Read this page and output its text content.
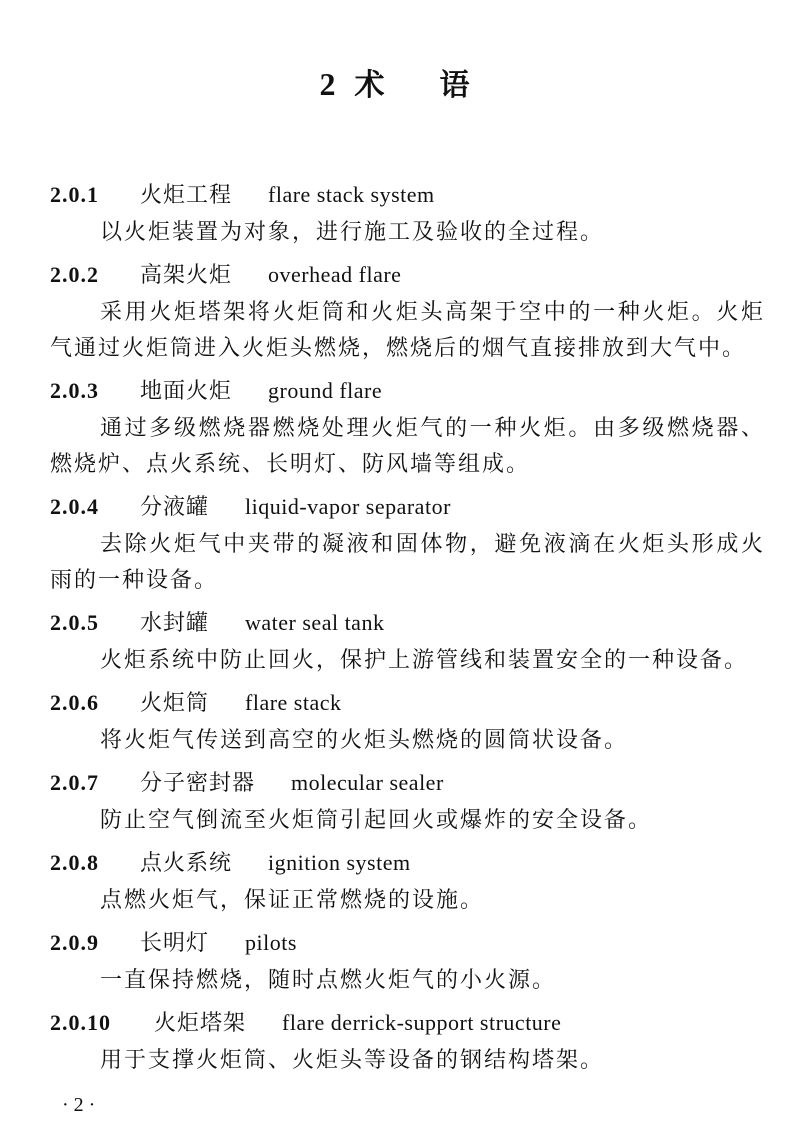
2 术 语
2.0.1	火炬工程 flare stack system

以火炬装置为对象，进行施工及验收的全过程。

2.0.2	高架火炬 overhead flare

采用火炬塔架将火炬筒和火炬头高架于空中的一种火炬。火炬气通过火炬筒进入火炬头燃烧，燃烧后的烟气直接排放到大气中。

2.0.3	地面火炬 ground flare

通过多级燃烧器燃烧处理火炬气的一种火炬。由多级燃烧器、燃烧炉、点火系统、长明灯、防风墙等组成。

2.0.4	分液罐 liquid-vapor separator

去除火炬气中夹带的凝液和固体物，避免液滴在火炬头形成火雨的一种设备。

2.0.5	水封罐 water seal tank

火炬系统中防止回火，保护上游管线和装置安全的一种设备。

2.0.6	火炬筒 flare stack

将火炬气传送到高空的火炬头燃烧的圆筒状设备。

2.0.7	分子密封器 molecular sealer

防止空气倒流至火炬筒引起回火或爆炸的安全设备。

2.0.8	点火系统 ignition system

点燃火炬气，保证正常燃烧的设施。

2.0.9	长明灯 pilots

一直保持燃烧，随时点燃火炬气的小火源。

2.0.10	火炬塔架 flare derrick-support structure

用于支撑火炬筒、火炬头等设备的钢结构塔架。

· 2 ·
